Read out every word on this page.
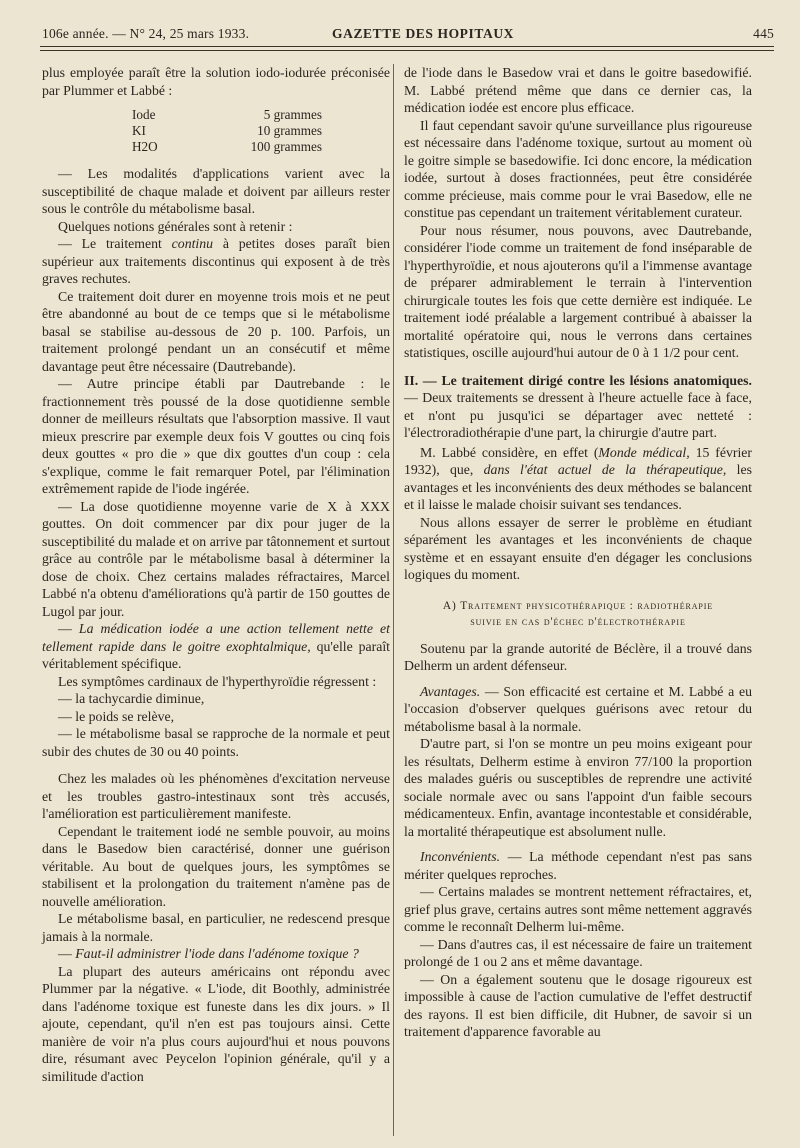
106e année. — N° 24, 25 mars 1933.	GAZETTE DES HOPITAUX	445

plus employée paraît être la solution iodo-iodurée préconisée par Plummer et Labbé :

Iode	5 grammes
KI	10 grammes
H2O	100 grammes

— Les modalités d'applications varient avec la susceptibilité de chaque malade et doivent par ailleurs rester sous le contrôle du métabolisme basal.

Quelques notions générales sont à retenir :

— Le traitement continu à petites doses paraît bien supérieur aux traitements discontinus qui exposent à de très graves rechutes.

Ce traitement doit durer en moyenne trois mois et ne peut être abandonné au bout de ce temps que si le métabolisme basal se stabilise au-dessous de 20 p. 100. Parfois, un traitement prolongé pendant un an consécutif et même davantage peut être nécessaire (Dautrebande).

— Autre principe établi par Dautrebande : le fractionnement très poussé de la dose quotidienne semble donner de meilleurs résultats que l'absorption massive. Il vaut mieux prescrire par exemple deux fois V gouttes ou cinq fois deux gouttes « pro die » que dix gouttes d'un coup : cela s'explique, comme le fait remarquer Potel, par l'élimination extrêmement rapide de l'iode ingérée.

— La dose quotidienne moyenne varie de X à XXX gouttes. On doit commencer par dix pour juger de la susceptibilité du malade et on arrive par tâtonnement et surtout grâce au contrôle par le métabolisme basal à déterminer la dose de choix. Chez certains malades réfractaires, Marcel Labbé n'a obtenu d'améliorations qu'à partir de 150 gouttes de Lugol par jour.

— La médication iodée a une action tellement nette et tellement rapide dans le goitre exophtalmique, qu'elle paraît véritablement spécifique.

Les symptômes cardinaux de l'hyperthyroïdie régressent :

— la tachycardie diminue,

— le poids se relève,

— le métabolisme basal se rapproche de la normale et peut subir des chutes de 30 ou 40 points.

Chez les malades où les phénomènes d'excitation nerveuse et les troubles gastro-intestinaux sont très accusés, l'amélioration est particulièrement manifeste.

Cependant le traitement iodé ne semble pouvoir, au moins dans le Basedow bien caractérisé, donner une guérison véritable. Au bout de quelques jours, les symptômes se stabilisent et la prolongation du traitement n'amène pas de nouvelle amélioration.

Le métabolisme basal, en particulier, ne redescend presque jamais à la normale.

— Faut-il administrer l'iode dans l'adénome toxique ?

La plupart des auteurs américains ont répondu avec Plummer par la négative. « L'iode, dit Boothly, administrée dans l'adénome toxique est funeste dans les dix jours. » Il ajoute, cependant, qu'il n'en est pas toujours ainsi. Cette manière de voir n'a plus cours aujourd'hui et nous pouvons dire, résumant avec Peycelon l'opinion générale, qu'il y a similitude d'action

de l'iode dans le Basedow vrai et dans le goitre basedowifié. M. Labbé prétend même que dans ce dernier cas, la médication iodée est encore plus efficace.

Il faut cependant savoir qu'une surveillance plus rigoureuse est nécessaire dans l'adénome toxique, surtout au moment où le goitre simple se basedowifie. Ici donc encore, la médication iodée, surtout à doses fractionnées, peut être considérée comme précieuse, mais comme pour le vrai Basedow, elle ne constitue pas cependant un traitement véritablement curateur.

Pour nous résumer, nous pouvons, avec Dautrebande, considérer l'iode comme un traitement de fond inséparable de l'hyperthyroïdie, et nous ajouterons qu'il a l'immense avantage de préparer admirablement le terrain à l'intervention chirurgicale toutes les fois que cette dernière est indiquée. Le traitement iodé préalable a largement contribué à abaisser la mortalité opératoire qui, nous le verrons dans certaines statistiques, oscille aujourd'hui autour de 0 à 1 1/2 pour cent.

II. — Le traitement dirigé contre les lésions anatomiques. — Deux traitements se dressent à l'heure actuelle face à face, et n'ont pu jusqu'ici se départager avec netteté : l'électroradiothérapie d'une part, la chirurgie d'autre part.

M. Labbé considère, en effet (Monde médical, 15 février 1932), que, dans l'état actuel de la thérapeutique, les avantages et les inconvénients des deux méthodes se balancent et il laisse le malade choisir suivant ses tendances.

Nous allons essayer de serrer le problème en étudiant séparément les avantages et les inconvénients de chaque système et en essayant ensuite d'en dégager les conclusions logiques du moment.

A) Traitement physicothérapique : radiothérapie
suivie en cas d'échec d'électrothérapie

Soutenu par la grande autorité de Béclère, il a trouvé dans Delherm un ardent défenseur.

Avantages. — Son efficacité est certaine et M. Labbé a eu l'occasion d'observer quelques guérisons avec retour du métabolisme basal à la normale.

D'autre part, si l'on se montre un peu moins exigeant pour les résultats, Delherm estime à environ 77/100 la proportion des malades guéris ou susceptibles de reprendre une activité sociale normale avec ou sans l'appoint d'un faible secours médicamenteux. Enfin, avantage incontestable et considérable, la mortalité thérapeutique est absolument nulle.

Inconvénients. — La méthode cependant n'est pas sans mériter quelques reproches.

— Certains malades se montrent nettement réfractaires, et, grief plus grave, certains autres sont même nettement aggravés comme le reconnaît Delherm lui-même.

— Dans d'autres cas, il est nécessaire de faire un traitement prolongé de 1 ou 2 ans et même davantage.

— On a également soutenu que le dosage rigoureux est impossible à cause de l'action cumulative de l'effet destructif des rayons. Il est bien difficile, dit Hubner, de savoir si un traitement d'apparence favorable au
